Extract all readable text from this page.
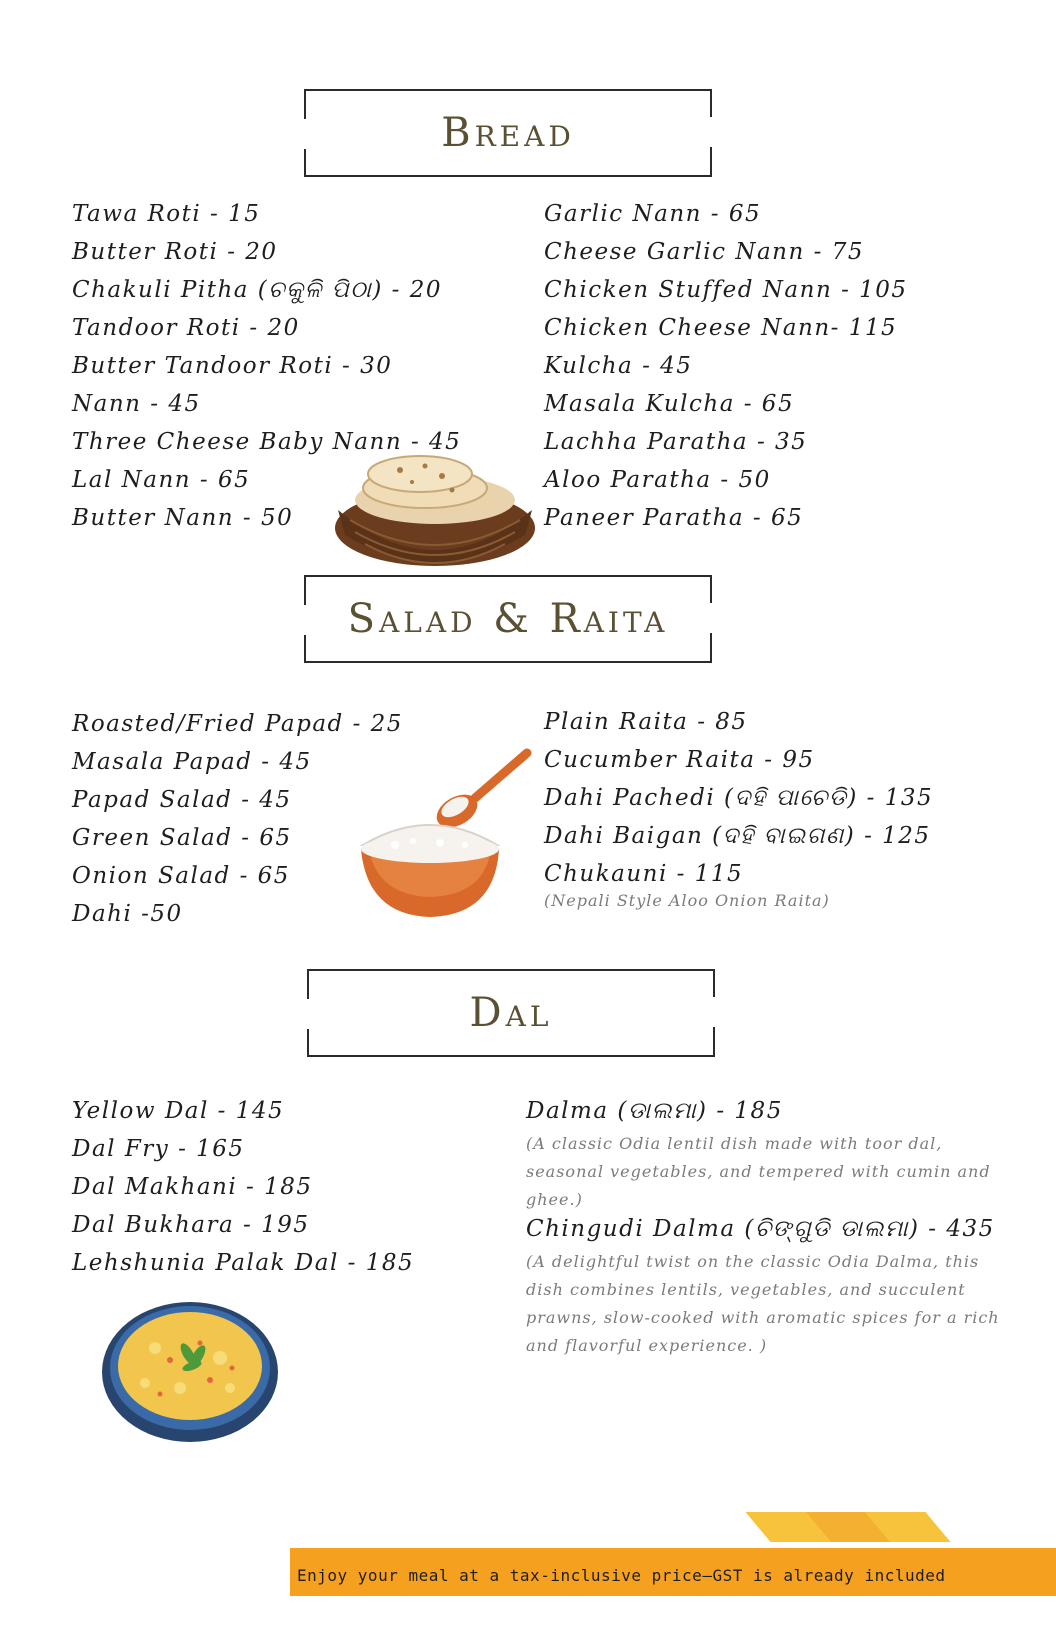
Bread
Tawa Roti - 15
Butter Roti - 20
Chakuli Pitha (ଚକୁଳି ପିଠା) - 20
Tandoor Roti - 20
Butter Tandoor Roti - 30
Nann - 45
Three Cheese Baby Nann - 45
Lal Nann - 65
Butter Nann - 50
Garlic Nann - 65
Cheese Garlic Nann - 75
Chicken Stuffed Nann - 105
Chicken Cheese Nann- 115
Kulcha - 45
Masala Kulcha - 65
Lachha Paratha - 35
Aloo Paratha - 50
Paneer Paratha - 65
Salad & Raita
Roasted/Fried Papad - 25
Masala Papad - 45
Papad Salad - 45
Green Salad - 65
Onion Salad - 65
Dahi -50
Plain Raita - 85
Cucumber Raita - 95
Dahi Pachedi (ଦହି ପାଚେଡି) - 135
Dahi Baigan (ଦହି ବାଇଗଣ) - 125
Chukauni - 115
(Nepali Style Aloo Onion Raita)
Dal
Yellow Dal - 145
Dal Fry - 165
Dal Makhani - 185
Dal Bukhara - 195
Lehshunia Palak Dal - 185
Dalma (ଡାଲମା) - 185
(A classic Odia lentil dish made with toor dal, seasonal vegetables, and tempered with cumin and ghee.)
Chingudi Dalma (ଚିଙ୍ଗୁଡି ଡାଲମା) - 435
(A delightful twist on the classic Odia Dalma, this dish combines lentils, vegetables, and succulent prawns, slow-cooked with aromatic spices for a rich and flavorful experience. )
Enjoy your meal at a tax-inclusive price—GST is already included
